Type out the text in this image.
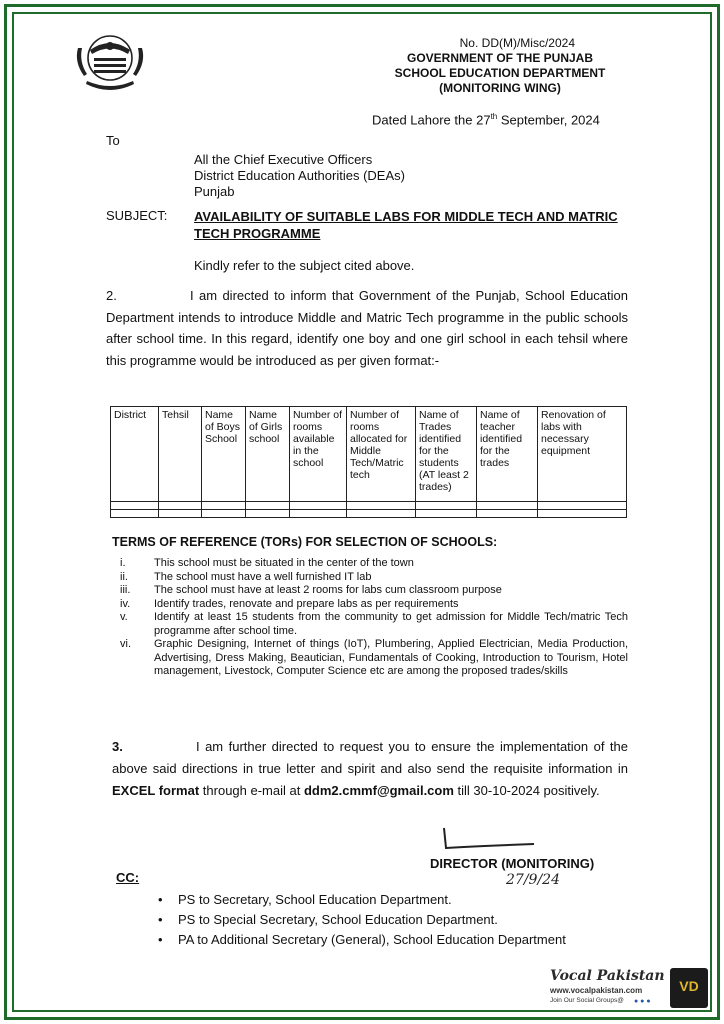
No. DD(M)/Misc/2024
GOVERNMENT OF THE PUNJAB
SCHOOL EDUCATION DEPARTMENT
(MONITORING WING)
Dated Lahore the 27th September, 2024
To
All the Chief Executive Officers
District Education Authorities (DEAs)
Punjab
SUBJECT: AVAILABILITY OF SUITABLE LABS FOR MIDDLE TECH AND MATRIC TECH PROGRAMME
Kindly refer to the subject cited above.
2.	I am directed to inform that Government of the Punjab, School Education Department intends to introduce Middle and Matric Tech programme in the public schools after school time. In this regard, identify one boy and one girl school in each tehsil where this programme would be introduced as per given format:-
District	Tehsil	Name of Boys School	Name of Girls school	Number of rooms available in the school	Number of rooms allocated for Middle Tech/Matric tech	Name of Trades identified for the students (AT least 2 trades)	Name of teacher identified for the trades	Renovation of labs with necessary equipment

TERMS OF REFERENCE (TORs) FOR SELECTION OF SCHOOLS:
i.	This school must be situated in the center of the town
ii.	The school must have a well furnished IT lab
iii.	The school must have at least 2 rooms for labs cum classroom purpose
iv.	Identify trades, renovate and prepare labs as per requirements
v.	Identify at least 15 students from the community to get admission for Middle Tech/matric Tech programme after school time.
vi.	Graphic Designing, Internet of things (IoT), Plumbering, Applied Electrician, Media Production, Advertising, Dress Making, Beautician, Fundamentals of Cooking, Introduction to Tourism, Hotel management, Livestock, Computer Science etc are among the proposed trades/skills
3.	I am further directed to request you to ensure the implementation of the above said directions in true letter and spirit and also send the requisite information in EXCEL format through e-mail at ddm2.cmmf@gmail.com till 30-10-2024 positively.
DIRECTOR (MONITORING)
27/9/24
CC:
•	PS to Secretary, School Education Department.
•	PS to Special Secretary, School Education Department.
•	PA to Additional Secretary (General), School Education Department
Vocal Pakistan
www.vocalpakistan.com
Join Our Social Groups@ ● ● ●
VD
